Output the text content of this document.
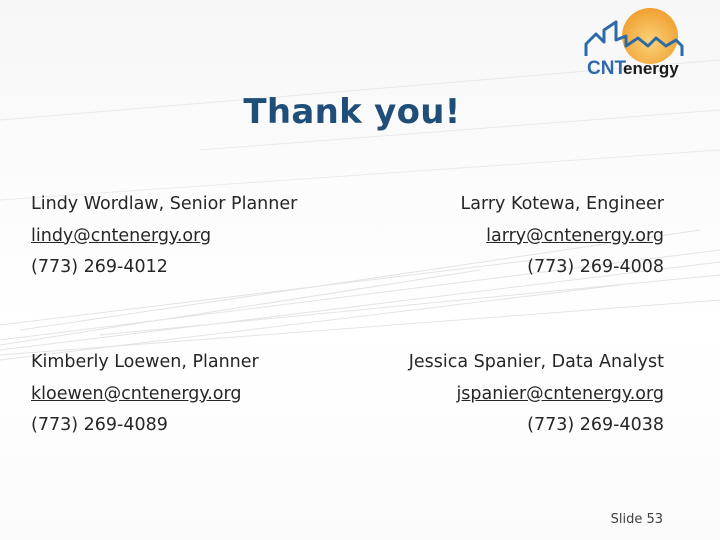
CNT
energy
Thank you!
Lindy Wordlaw, Senior Planner
lindy@cntenergy.org
(773) 269-4012
Larry Kotewa, Engineer
larry@cntenergy.org
(773) 269-4008
Kimberly Loewen, Planner
kloewen@cntenergy.org
(773) 269-4089
Jessica Spanier, Data Analyst
jspanier@cntenergy.org
(773) 269-4038
Slide 53
